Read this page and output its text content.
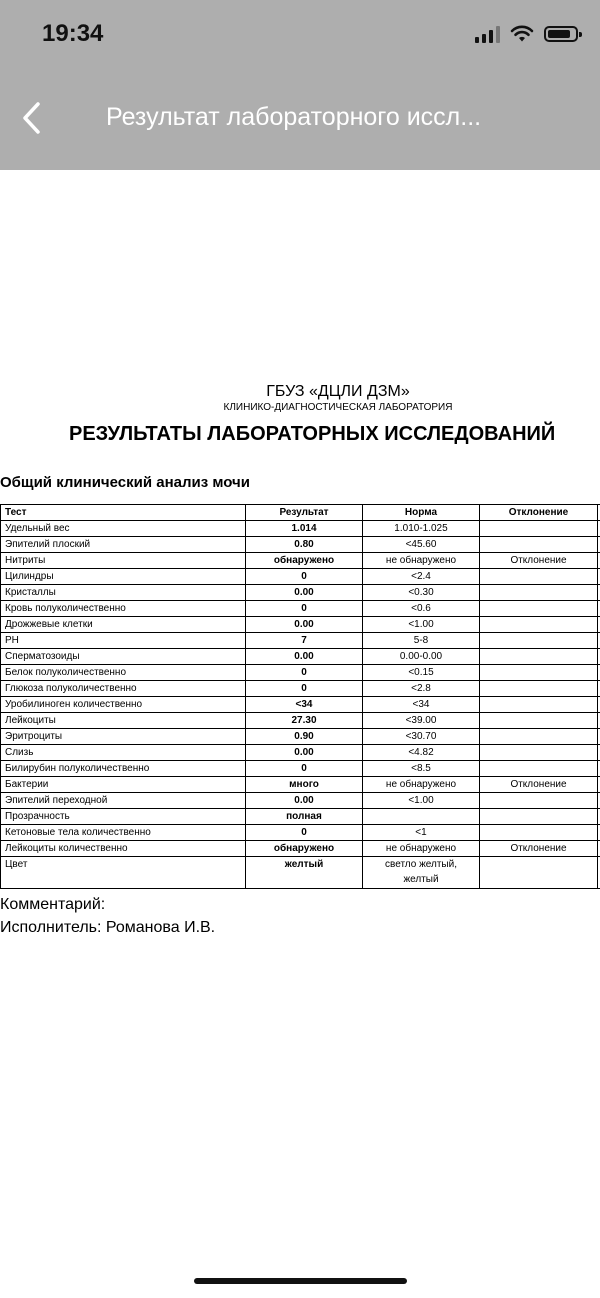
19:34
Результат лабораторного иссл...
ГБУЗ «ДЦЛИ ДЗМ»
КЛИНИКО-ДИАГНОСТИЧЕСКАЯ ЛАБОРАТОРИЯ
РЕЗУЛЬТАТЫ ЛАБОРАТОРНЫХ ИССЛЕДОВАНИЙ
Общий клинический анализ мочи
Тест	Результат	Норма	Отклонение	
Удельный вес	1.014	1.010-1.025		
Эпителий плоский	0.80	<45.60		
Нитриты	обнаружено	не обнаружено	Отклонение	
Цилиндры	0	<2.4		
Кристаллы	0.00	<0.30		
Кровь полуколичественно	0	<0.6		
Дрожжевые клетки	0.00	<1.00		
PH	7	5-8		
Сперматозоиды	0.00	0.00-0.00		
Белок полуколичественно	0	<0.15		
Глюкоза полуколичественно	0	<2.8		
Уробилиноген количественно	<34	<34		
Лейкоциты	27.30	<39.00		
Эритроциты	0.90	<30.70		
Слизь	0.00	<4.82		
Билирубин полуколичественно	0	<8.5		
Бактерии	много	не обнаружено	Отклонение	
Эпителий переходной	0.00	<1.00		
Прозрачность	полная			
Кетоновые тела количественно	0	<1		
Лейкоциты количественно	обнаружено	не обнаружено	Отклонение	
Цвет	желтый	светло желтый, желтый		
Комментарий:
Исполнитель: Романова И.В.
